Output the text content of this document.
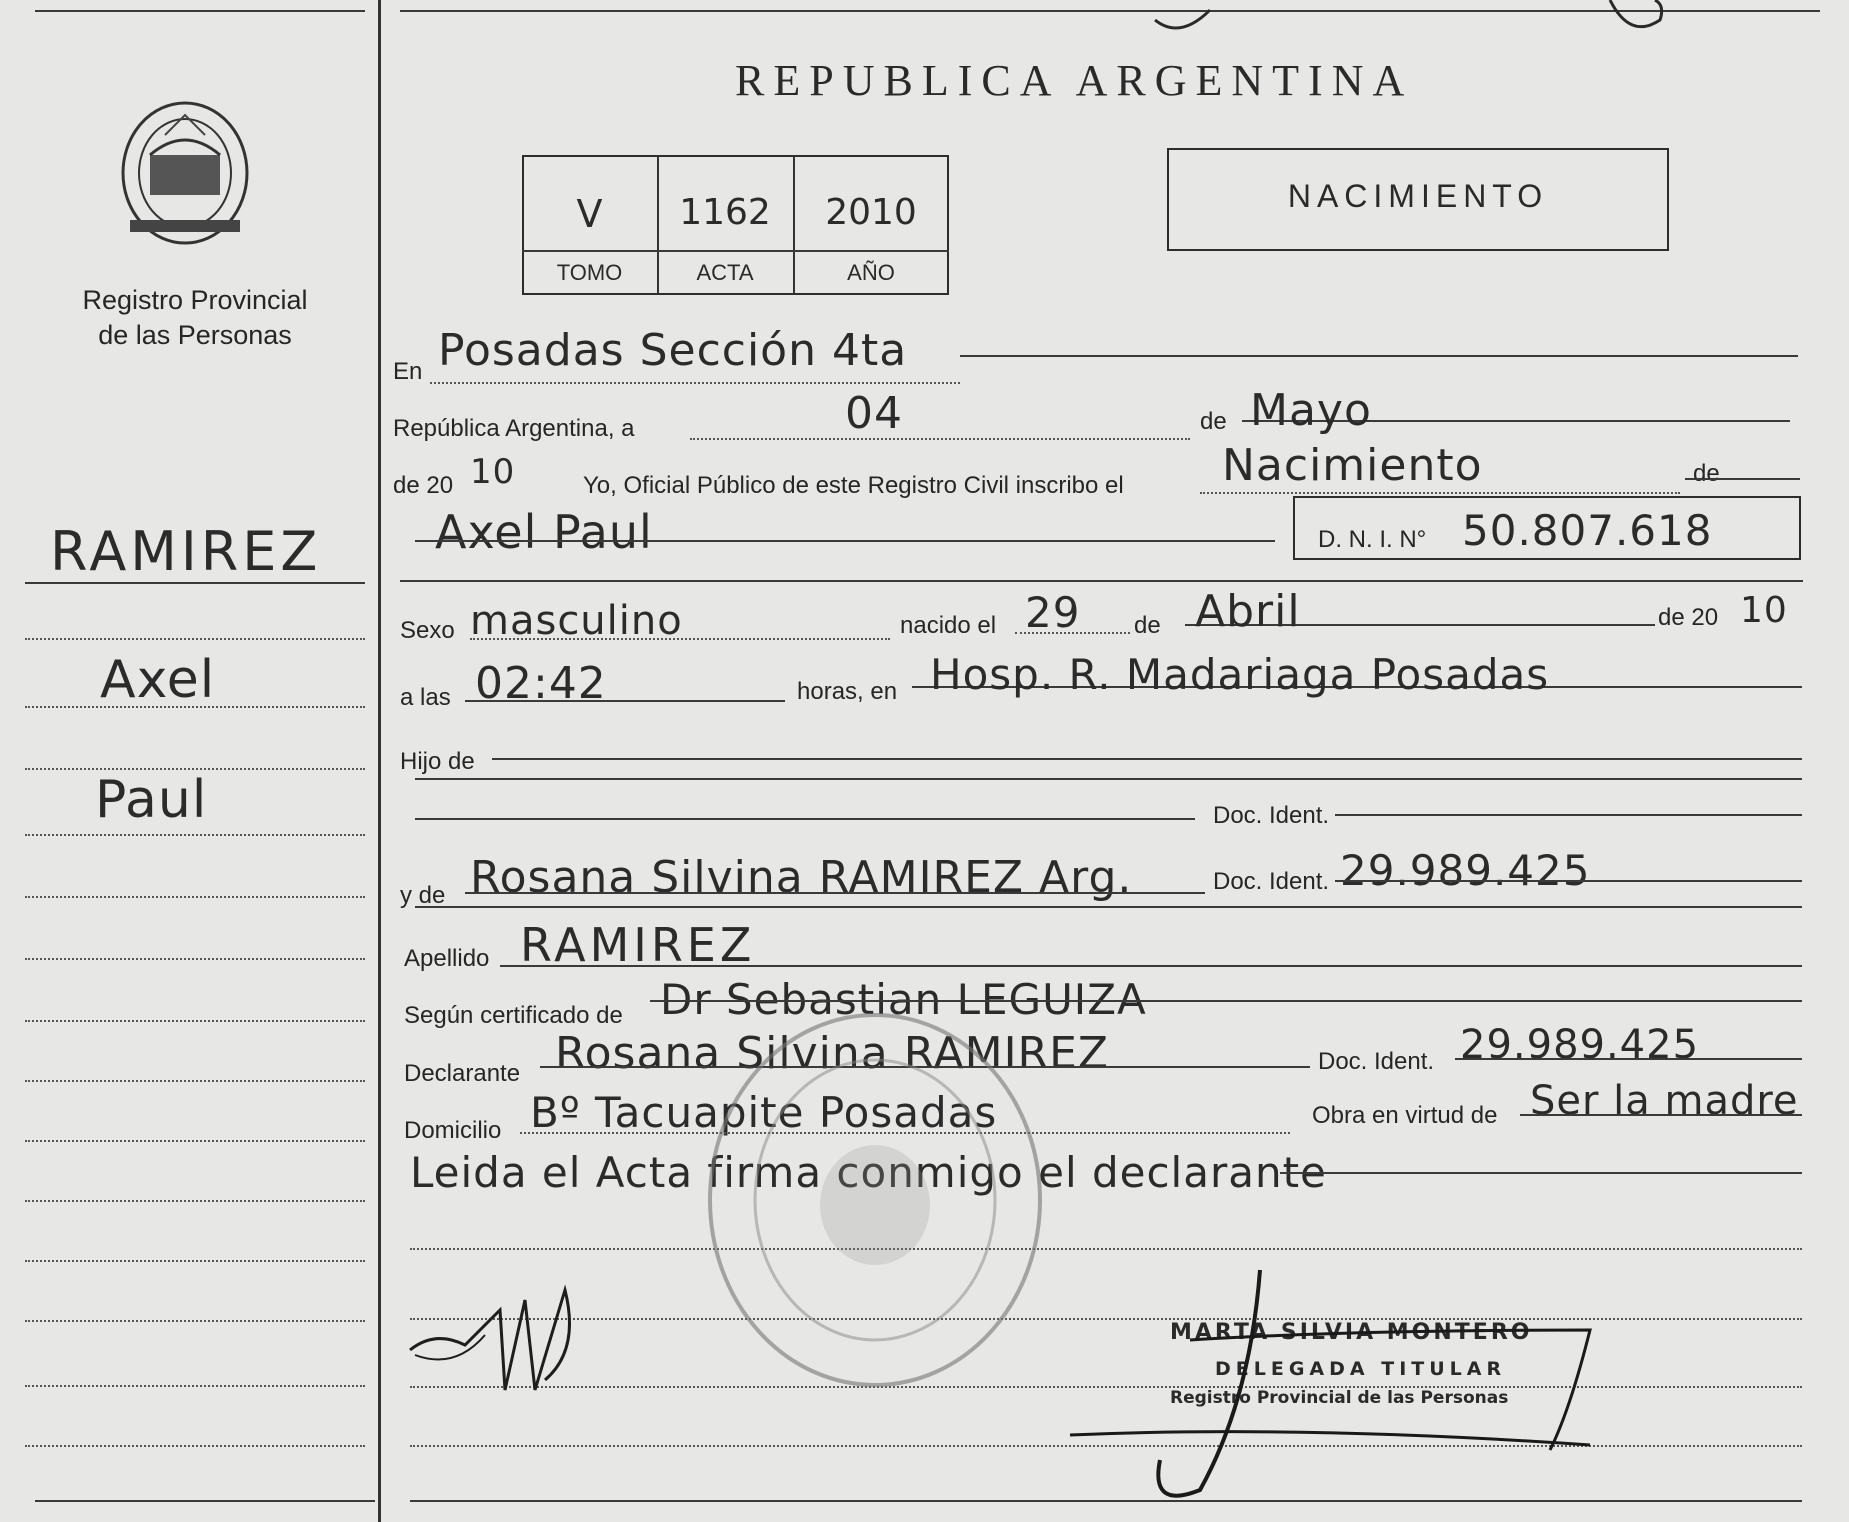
Registro Provincial
de las Personas
RAMIREZ
Axel
Paul
REPUBLICA ARGENTINA
V	1162	2010
TOMO	ACTA	AÑO
NACIMIENTO
En Posadas Sección 4ta
República Argentina, a	04	de Mayo
de 20 10	Yo, Oficial Público de este Registro Civil inscribo el Nacimiento	de
Axel Paul	D. N. I. N° 50.807.618
Sexo masculino	nacido el 29 de Abril	de 20 10
a las 02:42	horas, en Hosp. R. Madariaga Posadas
Hijo de
Doc. Ident.
y de Rosana Silvina RAMIREZ Arg.	Doc. Ident. 29.989.425
Apellido RAMIREZ
Según certificado de Dr Sebastian LEGUIZA
Declarante Rosana Silvina RAMIREZ	Doc. Ident. 29.989.425
Domicilio Bº Tacuapite Posadas	Obra en virtud de Ser la madre
Leida el Acta firma conmigo el declarante
MARTA SILVIA MONTERO
DELEGADA TITULAR
Registro Provincial de las Personas
